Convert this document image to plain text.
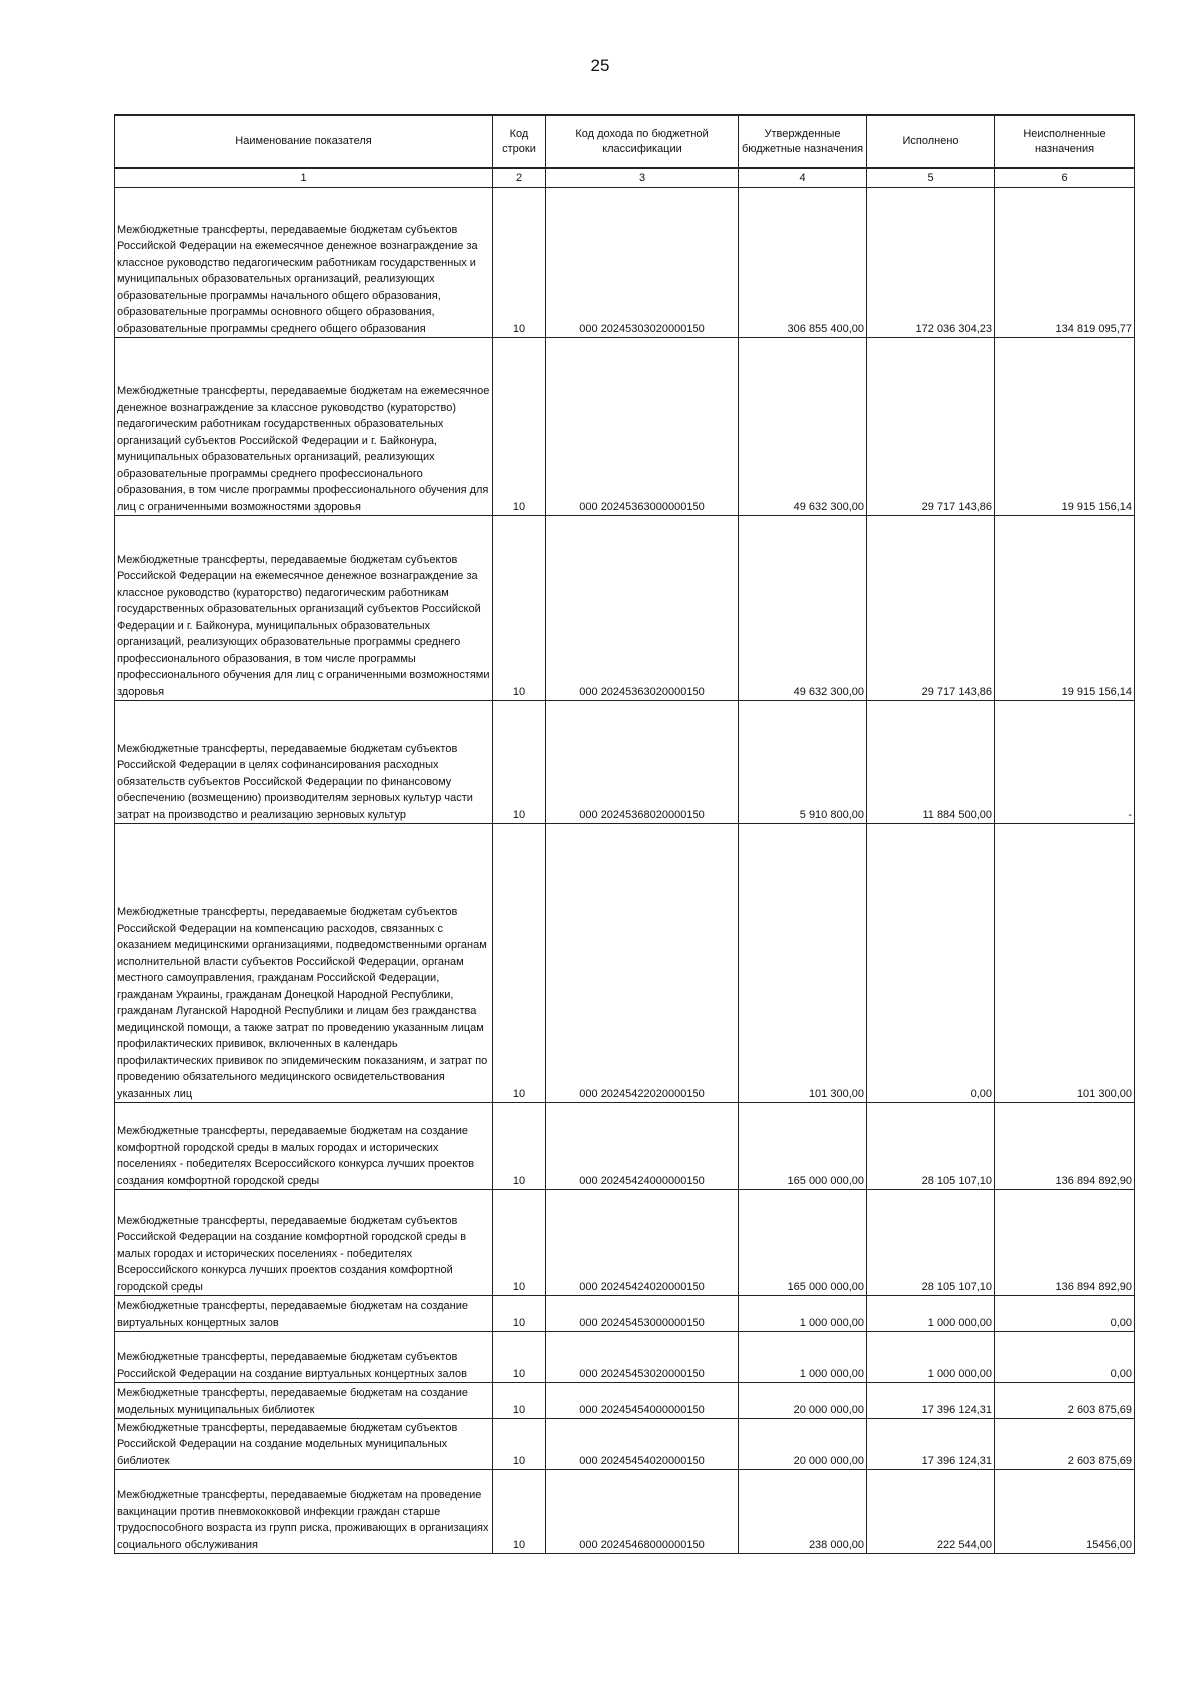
25
Наименование показателя	Код строки	Код дохода по бюджетной классификации	Утвержденные бюджетные назначения	Исполнено	Неисполненные назначения
1	2	3	4	5	6
Межбюджетные трансферты, передаваемые бюджетам субъектов Российской Федерации на ежемесячное денежное вознаграждение за классное руководство педагогическим работникам государственных и муниципальных образовательных организаций, реализующих образовательные программы начального общего образования, образовательные программы основного общего образования, образовательные программы среднего общего образования	10	000 20245303020000150	306 855 400,00	172 036 304,23	134 819 095,77
Межбюджетные трансферты, передаваемые бюджетам на ежемесячное денежное вознаграждение за классное руководство (кураторство) педагогическим работникам государственных образовательных организаций субъектов Российской Федерации и г. Байконура, муниципальных образовательных организаций, реализующих образовательные программы среднего профессионального образования, в том числе программы профессионального обучения для лиц с ограниченными возможностями здоровья	10	000 20245363000000150	49 632 300,00	29 717 143,86	19 915 156,14
Межбюджетные трансферты, передаваемые бюджетам субъектов Российской Федерации на ежемесячное денежное вознаграждение за классное руководство (кураторство) педагогическим работникам государственных образовательных организаций субъектов Российской Федерации и г. Байконура, муниципальных образовательных организаций, реализующих образовательные программы среднего профессионального образования, в том числе программы профессионального обучения для лиц с ограниченными возможностями здоровья	10	000 20245363020000150	49 632 300,00	29 717 143,86	19 915 156,14
Межбюджетные трансферты, передаваемые бюджетам субъектов Российской Федерации в целях софинансирования расходных обязательств субъектов Российской Федерации по финансовому обеспечению (возмещению) производителям зерновых культур части затрат на производство и реализацию зерновых культур	10	000 20245368020000150	5 910 800,00	11 884 500,00	-
Межбюджетные трансферты, передаваемые бюджетам субъектов Российской Федерации на компенсацию расходов, связанных с оказанием медицинскими организациями, подведомственными органам исполнительной власти субъектов Российской Федерации, органам местного самоуправления, гражданам Российской Федерации, гражданам Украины, гражданам Донецкой Народной Республики, гражданам Луганской Народной Республики и лицам без гражданства медицинской помощи, а также затрат по проведению указанным лицам профилактических прививок, включенных в календарь профилактических прививок по эпидемическим показаниям, и затрат по проведению обязательного медицинского освидетельствования указанных лиц	10	000 20245422020000150	101 300,00	0,00	101 300,00
Межбюджетные трансферты, передаваемые бюджетам на создание комфортной городской среды в малых городах и исторических поселениях - победителях Всероссийского конкурса лучших проектов создания комфортной городской среды	10	000 20245424000000150	165 000 000,00	28 105 107,10	136 894 892,90
Межбюджетные трансферты, передаваемые бюджетам субъектов Российской Федерации на создание комфортной городской среды в малых городах и исторических поселениях - победителях Всероссийского конкурса лучших проектов создания комфортной городской среды	10	000 20245424020000150	165 000 000,00	28 105 107,10	136 894 892,90
Межбюджетные трансферты, передаваемые бюджетам на создание виртуальных концертных залов	10	000 20245453000000150	1 000 000,00	1 000 000,00	0,00
Межбюджетные трансферты, передаваемые бюджетам субъектов Российской Федерации на создание виртуальных концертных залов	10	000 20245453020000150	1 000 000,00	1 000 000,00	0,00
Межбюджетные трансферты, передаваемые бюджетам на создание модельных муниципальных библиотек	10	000 20245454000000150	20 000 000,00	17 396 124,31	2 603 875,69
Межбюджетные трансферты, передаваемые бюджетам субъектов Российской Федерации на создание модельных муниципальных библиотек	10	000 20245454020000150	20 000 000,00	17 396 124,31	2 603 875,69
Межбюджетные трансферты, передаваемые бюджетам на проведение вакцинации против пневмококковой инфекции граждан старше трудоспособного возраста из групп риска, проживающих в организациях социального обслуживания	10	000 20245468000000150	238 000,00	222 544,00	15456,00
